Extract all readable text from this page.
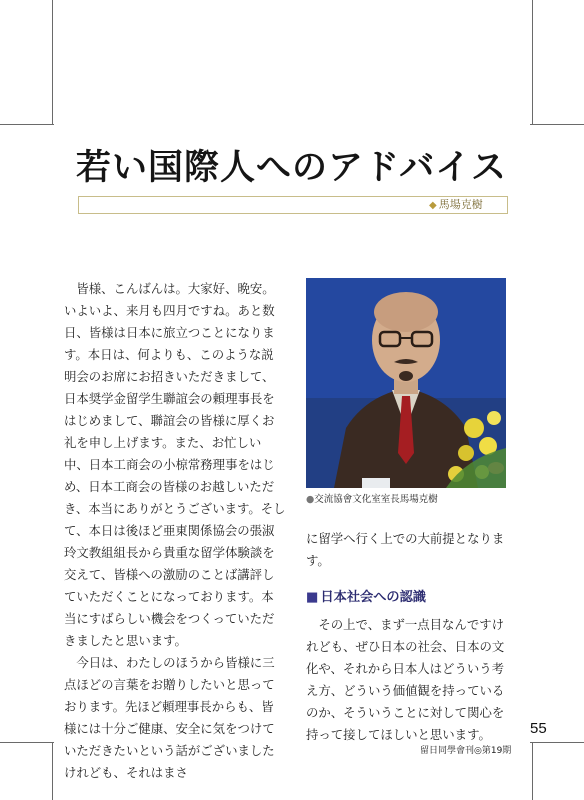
若い国際人へのアドバイス
◆ 馬場克樹

皆様、こんばんは。大家好、晩安。いよいよ、来月も四月ですね。あと数日、皆様は日本に旅立つことになります。本日は、何よりも、このような説明会のお席にお招きいただきまして、日本奨学金留学生聯誼会の頼理事長をはじめまして、聯誼会の皆様に厚くお礼を申し上げます。また、お忙しい中、日本工商会の小椋常務理事をはじめ、日本工商会の皆様のお越しいただき、本当にありがとうございます。そして、本日は後ほど亜東関係協会の張淑玲文教組組長から貴重な留学体験談を交えて、皆様への激励のことば講評していただくことになっております。本当にすばらしい機会をつくっていただきましたと思います。

今日は、わたしのほうから皆様に三点ほどの言葉をお贈りしたいと思っております。先ほど頼理事長からも、皆様には十分ご健康、安全に気をつけていただきたいという話がございましたけれども、それはまさ

●交流協會文化室室長馬場克樹

に留学へ行く上での大前提となります。

■ 日本社会への認識

その上で、まず一点目なんですけれども、ぜひ日本の社会、日本の文化や、それから日本人はどういう考え方、どういう価値観を持っているのか、そういうことに対して関心を持って接してほしいと思います。	55
留日同學會刊◎第19期
